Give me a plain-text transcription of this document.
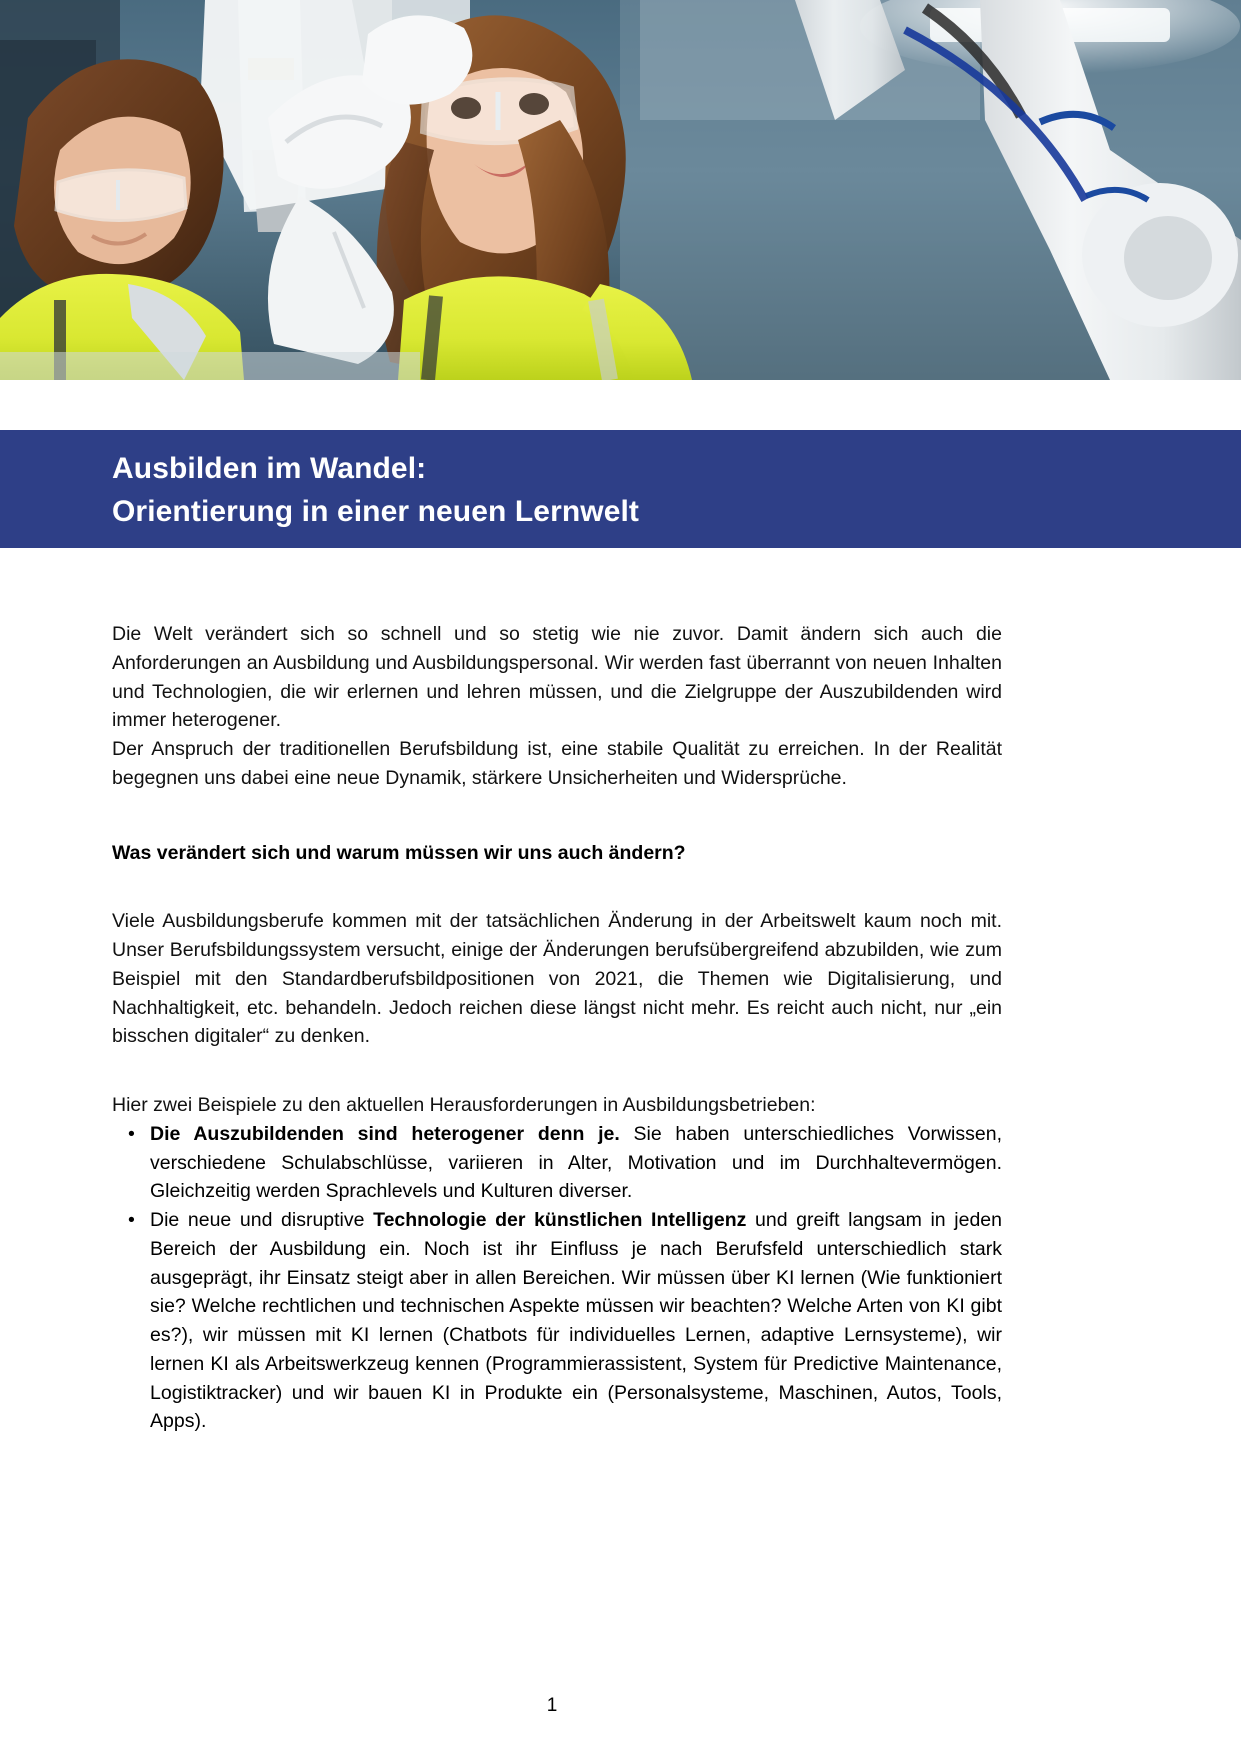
Ausbilden im Wandel:
Orientierung in einer neuen Lernwelt

Die Welt verändert sich so schnell und so stetig wie nie zuvor. Damit ändern sich auch die Anforderungen an Ausbildung und Ausbildungspersonal. Wir werden fast überrannt von neuen Inhalten und Technologien, die wir erlernen und lehren müssen, und die Zielgruppe der Auszubildenden wird immer heterogener.

Der Anspruch der traditionellen Berufsbildung ist, eine stabile Qualität zu erreichen. In der Realität begegnen uns dabei eine neue Dynamik, stärkere Unsicherheiten und Widersprüche.

Was verändert sich und warum müssen wir uns auch ändern?

Viele Ausbildungsberufe kommen mit der tatsächlichen Änderung in der Arbeitswelt kaum noch mit. Unser Berufsbildungssystem versucht, einige der Änderungen berufsübergreifend abzubilden, wie zum Beispiel mit den Standardberufsbildpositionen von 2021, die Themen wie Digitalisierung, und Nachhaltigkeit, etc. behandeln. Jedoch reichen diese längst nicht mehr. Es reicht auch nicht, nur „ein bisschen digitaler“ zu denken.

Hier zwei Beispiele zu den aktuellen Herausforderungen in Ausbildungsbetrieben:

• Die Auszubildenden sind heterogener denn je. Sie haben unterschiedliches Vorwissen, verschiedene Schulabschlüsse, variieren in Alter, Motivation und im Durchhaltevermögen. Gleichzeitig werden Sprachlevels und Kulturen diverser.
• Die neue und disruptive Technologie der künstlichen Intelligenz und greift langsam in jeden Bereich der Ausbildung ein. Noch ist ihr Einfluss je nach Berufsfeld unterschiedlich stark ausgeprägt, ihr Einsatz steigt aber in allen Bereichen. Wir müssen über KI lernen (Wie funktioniert sie? Welche rechtlichen und technischen Aspekte müssen wir beachten? Welche Arten von KI gibt es?), wir müssen mit KI lernen (Chatbots für individuelles Lernen, adaptive Lernsysteme), wir lernen KI als Arbeitswerkzeug kennen (Programmierassistent, System für Predictive Maintenance, Logistiktracker) und wir bauen KI in Produkte ein (Personalsysteme, Maschinen, Autos, Tools, Apps).
1
